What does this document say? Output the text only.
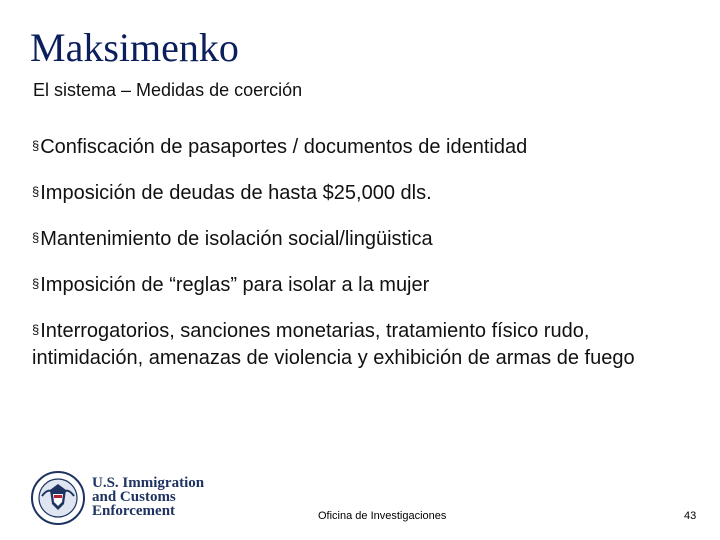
Maksimenko
El sistema – Medidas de coerción
§Confiscación de pasaportes / documentos de identidad
§Imposición de deudas de hasta $25,000 dls.
§Mantenimiento de isolación social/lingüistica
§Imposición de “reglas” para isolar a la mujer
§Interrogatorios, sanciones monetarias, tratamiento físico rudo, intimidación, amenazas de violencia y exhibición de armas de fuego
U.S. Immigration
and Customs
Enforcement	Oficina de Investigaciones	43
